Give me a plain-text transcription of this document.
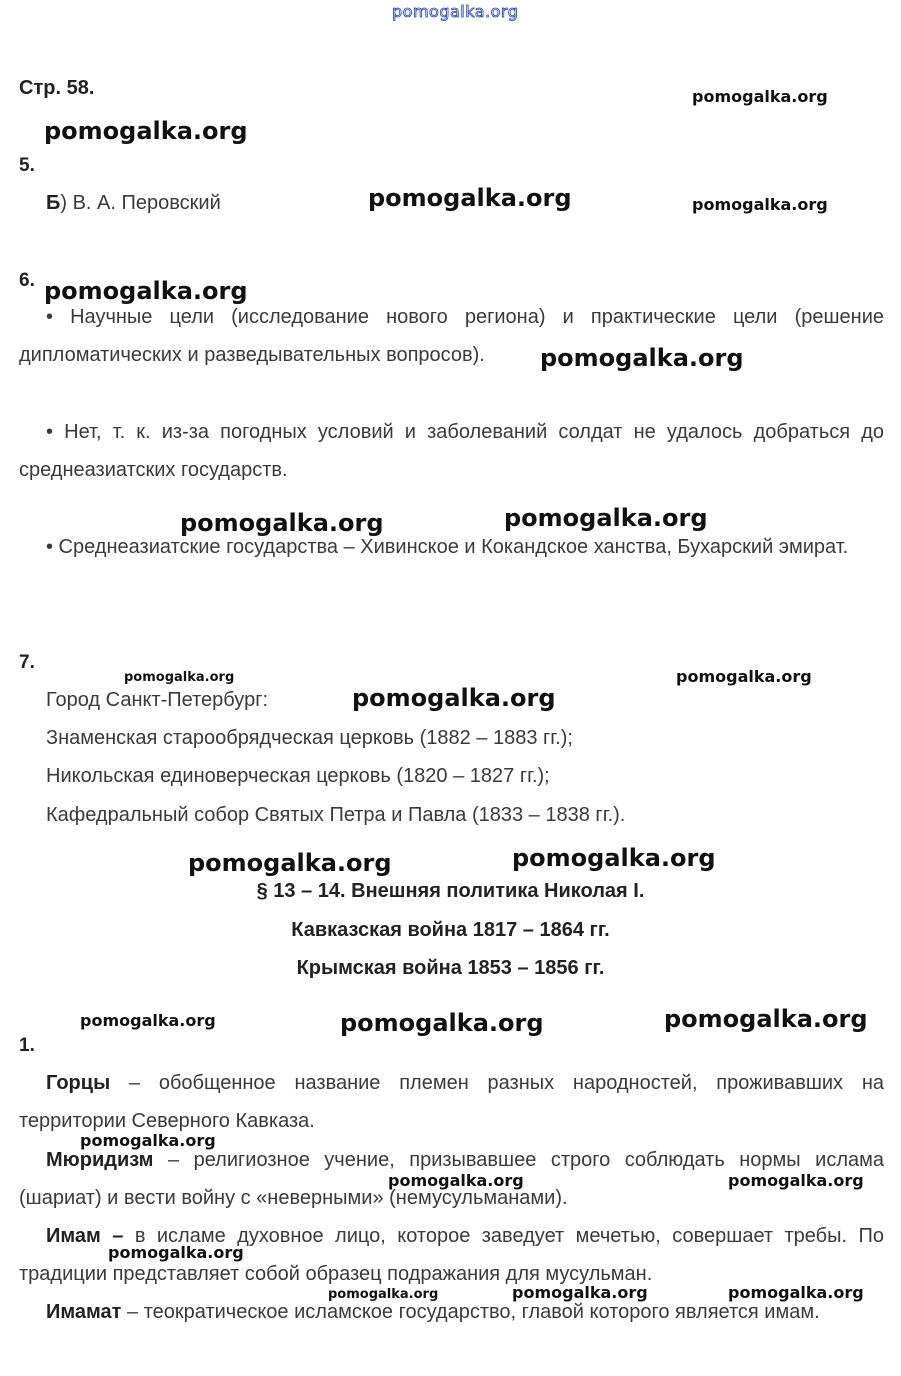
pomogalka.org
Стр. 58.
5.
Б) В. А. Перовский
6.
• Научные цели (исследование нового региона) и практические цели (решение дипломатических и разведывательных вопросов).
• Нет, т. к. из-за погодных условий и заболеваний солдат не удалось добраться до среднеазиатских государств.
• Среднеазиатские государства – Хивинское и Кокандское ханства, Бухарский эмират.
7.
Город Санкт-Петербург:
Знаменская старообрядческая церковь (1882 – 1883 гг.);
Никольская единоверческая церковь (1820 – 1827 гг.);
Кафедральный собор Святых Петра и Павла (1833 – 1838 гг.).
§ 13 – 14. Внешняя политика Николая I.
Кавказская война 1817 – 1864 гг.
Крымская война 1853 – 1856 гг.
1.
Горцы – обобщенное название племен разных народностей, проживавших на территории Северного Кавказа.
Мюридизм – религиозное учение, призывавшее строго соблюдать нормы ислама (шариат) и вести войну с «неверными» (немусульманами).
Имам – в исламе духовное лицо, которое заведует мечетью, совершает требы. По традиции представляет собой образец подражания для мусульман.
Имамат – теократическое исламское государство, главой которого является имам.
pomogalka.org
pomogalka.org
pomogalka.org	pomogalka.org
pomogalka.org
pomogalka.org
pomogalka.org	pomogalka.org
pomogalka.org	pomogalka.org
pomogalka.org
pomogalka.org	pomogalka.org
pomogalka.org	pomogalka.org	pomogalka.org
pomogalka.org
pomogalka.org
pomogalka.org
pomogalka.org
pomogalka.org	pomogalka.org	pomogalka.org
